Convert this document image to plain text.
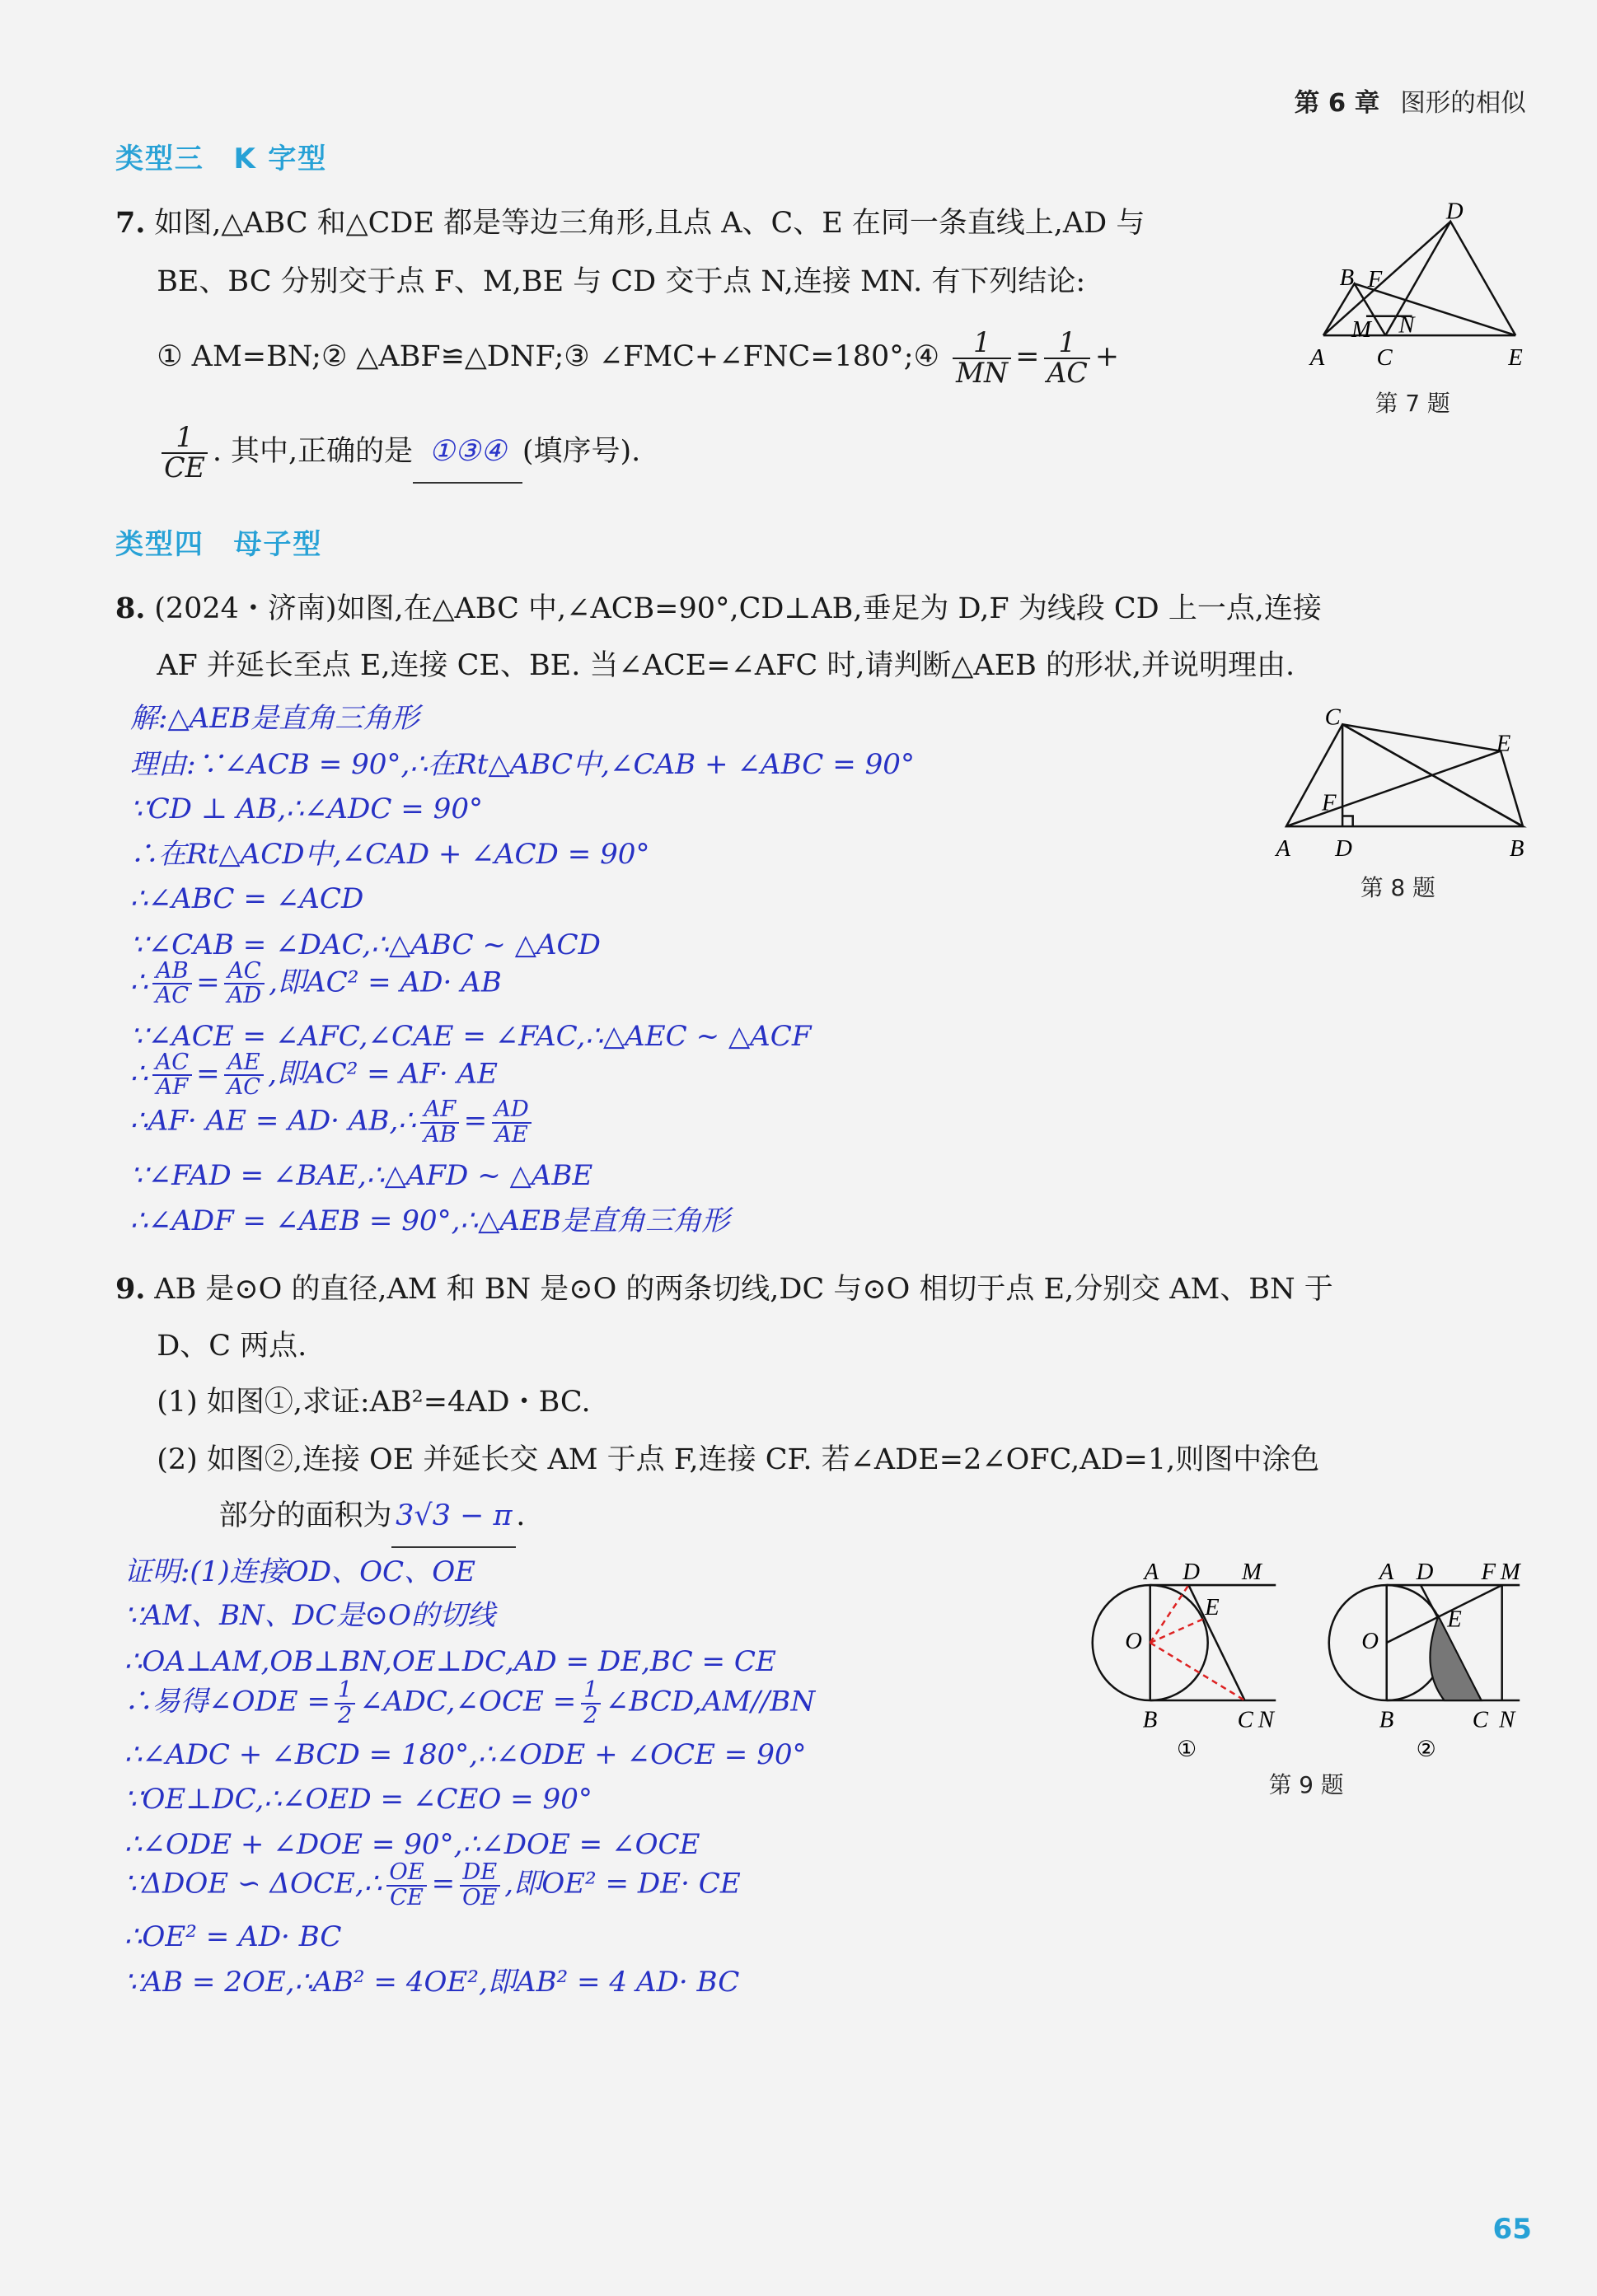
第 6 章 图形的相似
类型三　K 字型
7. 如图,△ABC 和△CDE 都是等边三角形,且点 A、C、E 在同一条直线上,AD 与
BE、BC 分别交于点 F、M,BE 与 CD 交于点 N,连接 MN. 有下列结论:
① AM=BN;② △ABF≌△DNF;③ ∠FMC+∠FNC=180°;④ $\frac{1}{MN} = \frac{1}{AC}$ +
$\frac{1}{CE}$ . 其中,正确的是 ①③④ (填序号).
D
B F
M N
A	C	E
第 7 题
类型四　母子型
8. (2024・济南)如图,在△ABC 中,∠ACB=90°,CD⊥AB,垂足为 D,F 为线段 CD 上一点,连接
AF 并延长至点 E,连接 CE、BE. 当∠ACE=∠AFC 时,请判断△AEB 的形状,并说明理由.
C
E
F
A	D	B
第 8 题
解:△AEB是直角三角形
理由:∵∠ACB = 90°,∴在Rt△ABC中,∠CAB + ∠ABC = 90°
∵CD ⊥ AB,∴∠ADC = 90°
∴在Rt△ACD中,∠CAD + ∠ACD = 90°
∴∠ABC = ∠ACD
∵∠CAB = ∠DAC,∴△ABC ~ △ACD
∴ $\frac{AB}{AC} = \frac{AC}{AD}$ ,即AC² = AD· AB
∵∠ACE = ∠AFC,∠CAE = ∠FAC,∴△AEC ~ △ACF
∴ $\frac{AC}{AF} = \frac{AE}{AC}$ ,即AC² = AF· AE
∴AF· AE = AD· AB,∴ $\frac{AF}{AB} = \frac{AD}{AE}$
∵∠FAD = ∠BAE,∴△AFD ~ △ABE
∴∠ADF = ∠AEB = 90°,∴△AEB是直角三角形
9. AB 是⊙O 的直径,AM 和 BN 是⊙O 的两条切线,DC 与⊙O 相切于点 E,分别交 AM、BN 于
D、C 两点.
(1) 如图①,求证:AB²=4AD・BC.
(2) 如图②,连接 OE 并延长交 AM 于点 F,连接 CF. 若∠ADE=2∠OFC,AD=1,则图中涂色
部分的面积为 3√3 − π .
证明:(1)连接OD、OC、OE
∵AM、BN、DC是⊙O的切线
∴OA⊥AM,OB⊥BN,OE⊥DC,AD = DE,BC = CE
∴易得∠ODE = $\frac{1}{2}$ ∠ADC,∠OCE = $\frac{1}{2}$ ∠BCD,AM//BN
∴∠ADC + ∠BCD = 180°,∴∠ODE + ∠OCE = 90°
∵OE⊥DC,∴∠OED = ∠CEO = 90°
∴∠ODE + ∠DOE = 90°,∴∠DOE = ∠OCE
∵ΔDOE ∽ ΔOCE,∴ $\frac{OE}{CE} = \frac{DE}{OE}$ ,即OE² = DE· CE
∴OE² = AD· BC
∵AB = 2OE,∴AB² = 4OE²,即AB² = 4 AD· BC
A D	M
E
O
B	C N
①
A D	F M
E
O
B	C N
②
第 9 题
65
